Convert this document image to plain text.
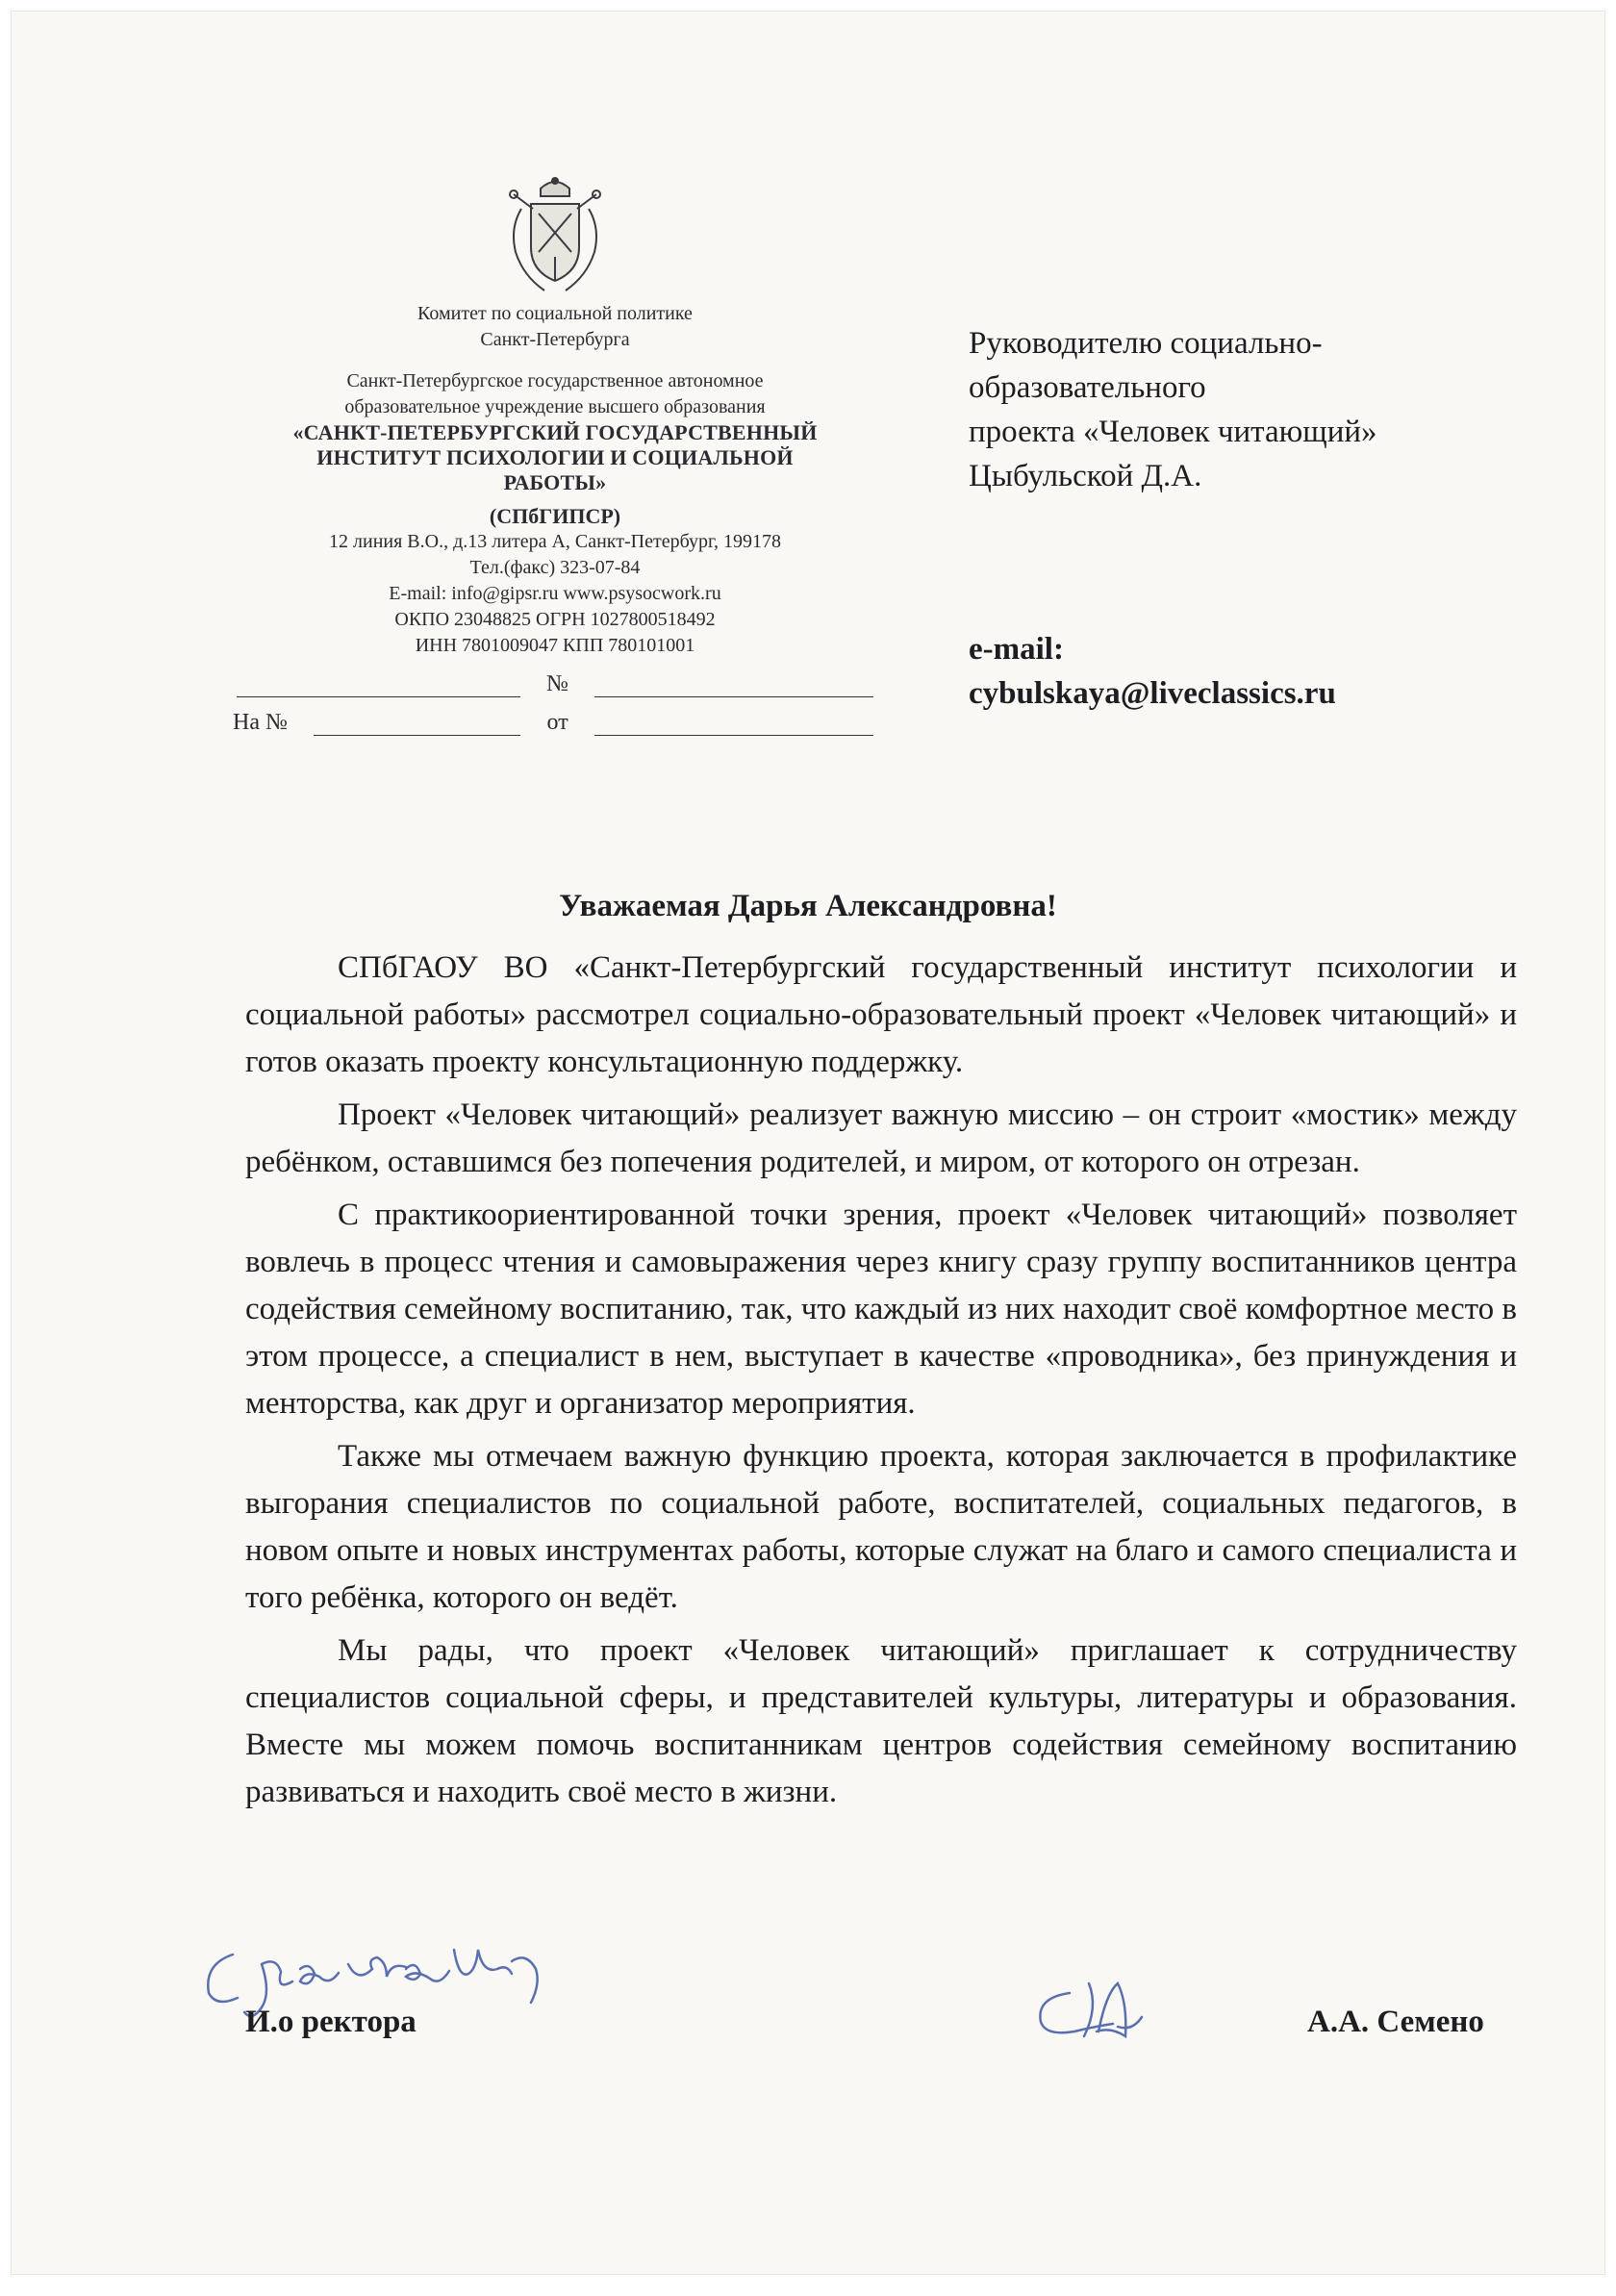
Комитет по социальной политике
Санкт-Петербурга
Санкт-Петербургское государственное автономное
образовательное учреждение высшего образования
«САНКТ-ПЕТЕРБУРГСКИЙ ГОСУДАРСТВЕННЫЙ
ИНСТИТУТ ПСИХОЛОГИИ И СОЦИАЛЬНОЙ
РАБОТЫ»
(СПбГИПСР)
12 линия В.О., д.13 литера А, Санкт-Петербург, 199178
Тел.(факс) 323-07-84
E-mail: info@gipsr.ru www.psysocwork.ru
ОКПО 23048825 ОГРН 1027800518492
ИНН 7801009047 КПП 780101001
№
На №	от
Руководителю социально-
образовательного
проекта «Человек читающий»
Цыбульской Д.А.
e-mail:
cybulskaya@liveclassics.ru
Уважаемая Дарья Александровна!

СПбГАОУ ВО «Санкт-Петербургский государственный институт психологии и социальной работы» рассмотрел социально-образовательный проект «Человек читающий» и готов оказать проекту консультационную поддержку.

Проект «Человек читающий» реализует важную миссию – он строит «мостик» между ребёнком, оставшимся без попечения родителей, и миром, от которого он отрезан.

С практикоориентированной точки зрения, проект «Человек читающий» позволяет вовлечь в процесс чтения и самовыражения через книгу сразу группу воспитанников центра содействия семейному воспитанию, так, что каждый из них находит своё комфортное место в этом процессе, а специалист в нем, выступает в качестве «проводника», без принуждения и менторства, как друг и организатор мероприятия.

Также мы отмечаем важную функцию проекта, которая заключается в профилактике выгорания специалистов по социальной работе, воспитателей, социальных педагогов, в новом опыте и новых инструментах работы, которые служат на благо и самого специалиста и того ребёнка, которого он ведёт.

Мы рады, что проект «Человек читающий» приглашает к сотрудничеству специалистов социальной сферы, и представителей культуры, литературы и образования. Вместе мы можем помочь воспитанникам центров содействия семейному воспитанию развиваться и находить своё место в жизни.

И.о ректора	А.А. Семено
